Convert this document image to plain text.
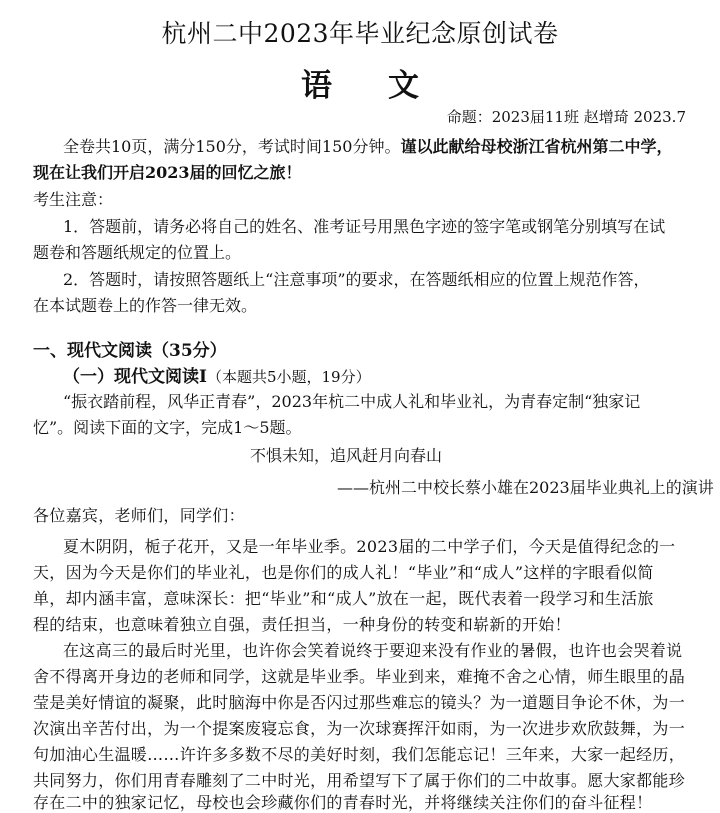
杭州二中2023年毕业纪念原创试卷
语 文
命题：2023届11班 赵增琦 2023.7
全卷共10页，满分150分，考试时间150分钟。谨以此献给母校浙江省杭州第二中学，
现在让我们开启2023届的回忆之旅！
考生注意：
1．答题前，请务必将自己的姓名、准考证号用黑色字迹的签字笔或钢笔分别填写在试
题卷和答题纸规定的位置上。
2．答题时，请按照答题纸上“注意事项”的要求，在答题纸相应的位置上规范作答，
在本试题卷上的作答一律无效。
一、现代文阅读（35分）
（一）现代文阅读Ⅰ（本题共5小题，19分）
“振衣踏前程，风华正青春”，2023年杭二中成人礼和毕业礼，为青春定制“独家记
忆”。阅读下面的文字，完成1～5题。
不惧未知，追风赶月向春山
——杭州二中校长蔡小雄在2023届毕业典礼上的演讲
各位嘉宾，老师们，同学们：
夏木阴阴，栀子花开，又是一年毕业季。2023届的二中学子们，今天是值得纪念的一
天，因为今天是你们的毕业礼，也是你们的成人礼！“毕业”和“成人”这样的字眼看似简
单，却内涵丰富，意味深长：把“毕业”和“成人”放在一起，既代表着一段学习和生活旅
程的结束，也意味着独立自强，责任担当，一种身份的转变和崭新的开始！
在这高三的最后时光里，也许你会笑着说终于要迎来没有作业的暑假，也许也会哭着说
舍不得离开身边的老师和同学，这就是毕业季。毕业到来，难掩不舍之心情，师生眼里的晶
莹是美好情谊的凝聚，此时脑海中你是否闪过那些难忘的镜头？为一道题目争论不休，为一
次演出辛苦付出，为一个提案废寝忘食，为一次球赛挥汗如雨，为一次进步欢欣鼓舞，为一
句加油心生温暖……许许多多数不尽的美好时刻，我们怎能忘记！三年来，大家一起经历，
共同努力，你们用青春雕刻了二中时光，用希望写下了属于你们的二中故事。愿大家都能珍
存在二中的独家记忆，母校也会珍藏你们的青春时光，并将继续关注你们的奋斗征程！
